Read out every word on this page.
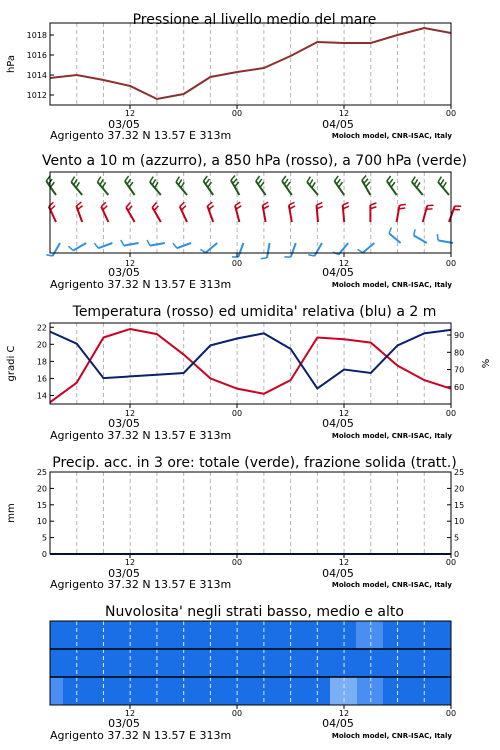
1012
1014
1016
1018
hPa
Pressione al livello medio del mare
12	00	12	00
03/05	04/05
Agrigento 37.32 N 13.57 E 313m	Moloch model, CNR-ISAC, Italy
Vento a 10 m (azzurro), a 850 hPa (rosso), a 700 hPa (verde)
12	00	12	00
03/05	04/05
Agrigento 37.32 N 13.57 E 313m	Moloch model, CNR-ISAC, Italy
14
16
18
20
22
60
70
80
90
gradi C	%
Temperatura (rosso) ed umidita' relativa (blu) a 2 m
12	00	12	00
03/05	04/05
Agrigento 37.32 N 13.57 E 313m	Moloch model, CNR-ISAC, Italy
0	0
5	5
10	10
15	15
20	20
25	25
mm
Precip. acc. in 3 ore: totale (verde), frazione solida (tratt.)
12	00	12	00
03/05	04/05
Agrigento 37.32 N 13.57 E 313m	Moloch model, CNR-ISAC, Italy
Nuvolosita' negli strati basso, medio e alto
12	00	12	00
03/05	04/05
Agrigento 37.32 N 13.57 E 313m	Moloch model, CNR-ISAC, Italy
